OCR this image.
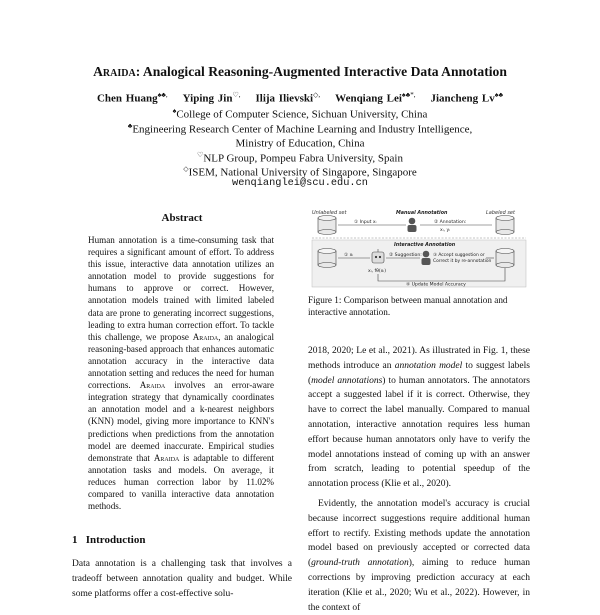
Araida: Analogical Reasoning-Augmented Interactive Data Annotation
Chen Huang♠♣, Yiping Jin♡, Ilija Ilievski◇, Wenqiang Lei♠♣*, Jiancheng Lv♠♣
♠College of Computer Science, Sichuan University, China
♣Engineering Research Center of Machine Learning and Industry Intelligence,
Ministry of Education, China
♡NLP Group, Pompeu Fabra University, Spain
◇ISEM, National University of Singapore, Singapore
wenqianglei@scu.edu.cn
Abstract
Human annotation is a time-consuming task that requires a significant amount of effort. To address this issue, interactive data annotation utilizes an annotation model to provide suggestions for humans to approve or correct. However, annotation models trained with limited labeled data are prone to generating incorrect suggestions, leading to extra human correction effort. To tackle this challenge, we propose Araida, an analogical reasoning-based approach that enhances automatic annotation accuracy in the interactive data annotation setting and reduces the need for human corrections. Araida involves an error-aware integration strategy that dynamically coordinates an annotation model and a k-nearest neighbors (KNN) model, giving more importance to KNN's predictions when predictions from the annotation model are deemed inaccurate. Empirical studies demonstrate that Araida is adaptable to different annotation tasks and models. On average, it reduces human correction labor by 11.02% compared to vanilla interactive data annotation methods.
1 Introduction
Data annotation is a challenging task that involves a tradeoff between annotation quality and budget. While some platforms offer a cost-effective solu-
Unlabeled set	Labeled set
Manual Annotation
① Input xᵢ	② Annotation:
xᵢ, yᵢ
Interactive Annotation
① xᵢ
xᵢ, fθ(xᵢ)
② Suggestion:	③ Accept suggestion or
Correct it by re-annotation
④ Update Model Accuracy
Figure 1: Comparison between manual annotation and interactive annotation.

2018, 2020; Le et al., 2021). As illustrated in Fig. 1, these methods introduce an annotation model to suggest labels (model annotations) to human annotators. The annotators accept a suggested label if it is correct. Otherwise, they have to correct the label manually. Compared to manual annotation, interactive annotation requires less human effort because human annotators only have to verify the model annotations instead of coming up with an answer from scratch, leading to potential speedup of the annotation process (Klie et al., 2020).

Evidently, the annotation model's accuracy is crucial because incorrect suggestions require additional human effort to rectify. Existing methods update the annotation model based on previously accepted or corrected data (ground-truth annotation), aiming to reduce human corrections by improving prediction accuracy at each iteration (Klie et al., 2020; Wu et al., 2022). However, in the context of
